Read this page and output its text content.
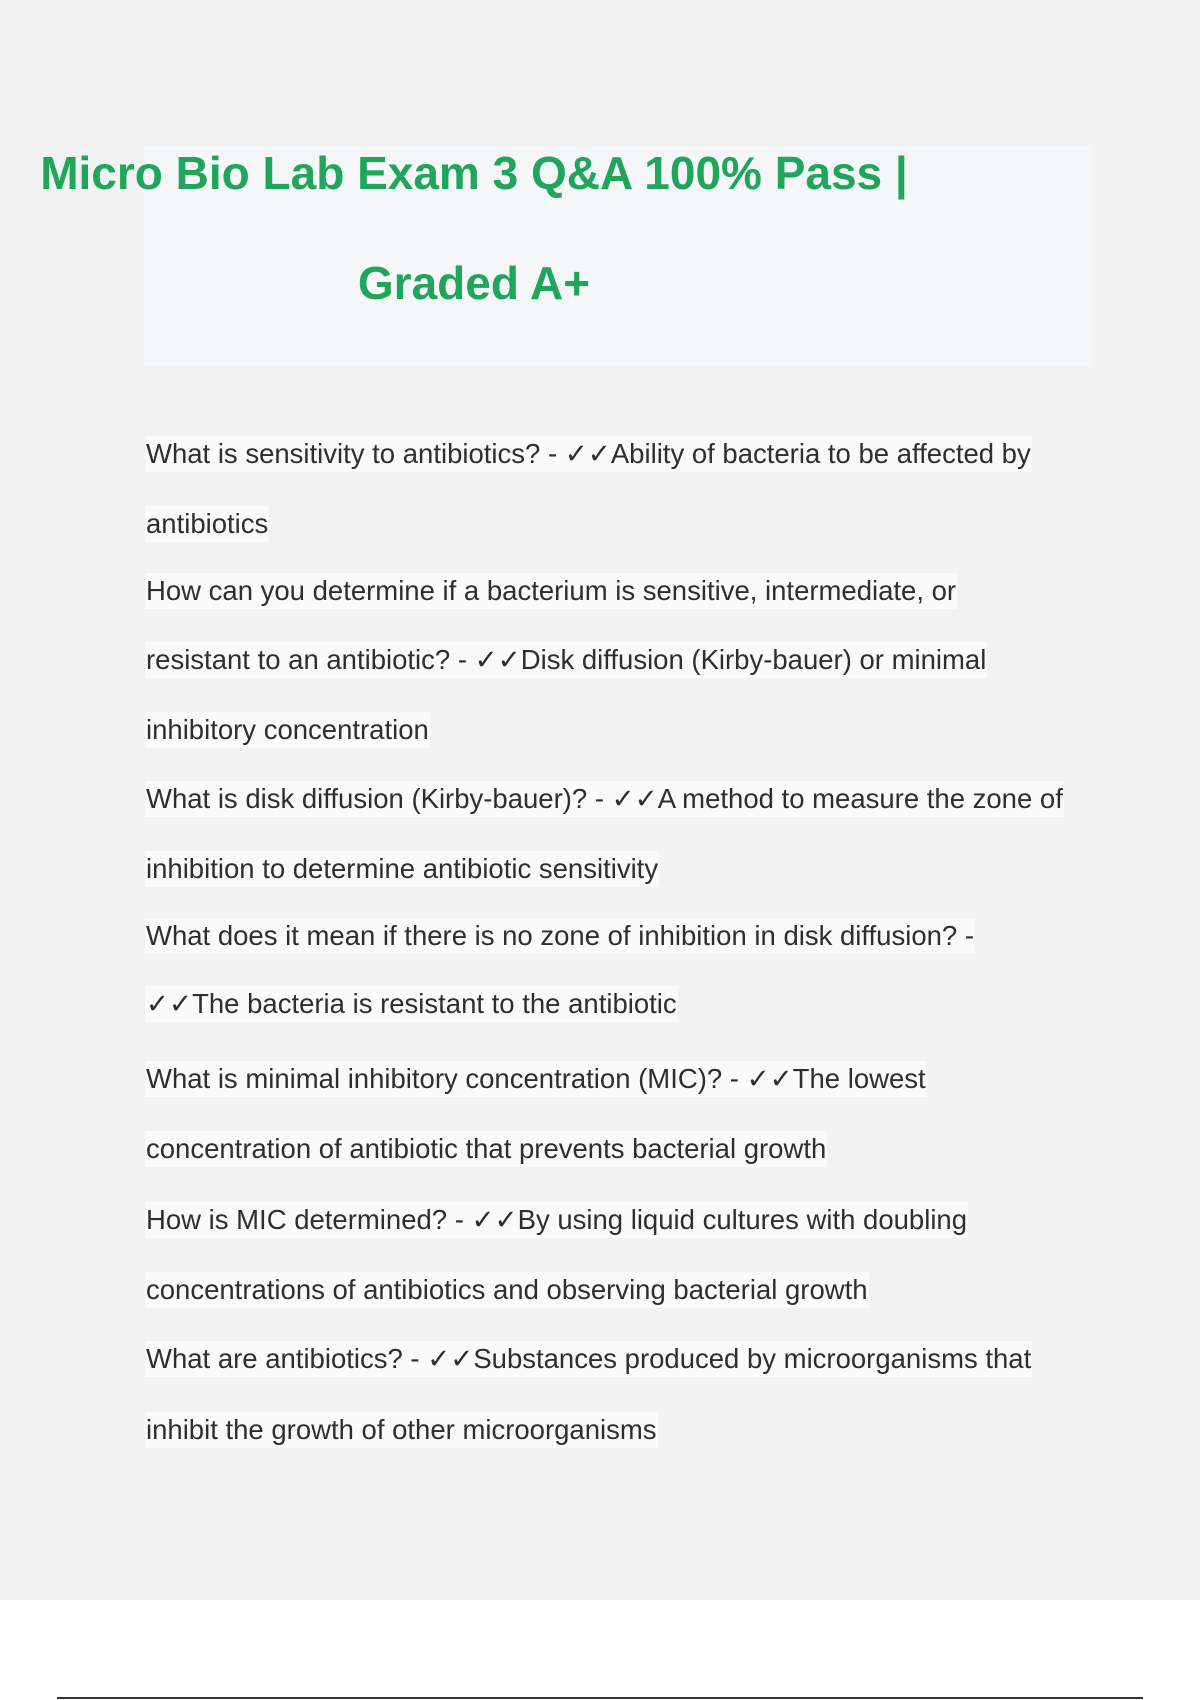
Micro Bio Lab Exam 3 Q&A 100% Pass |
Graded A+
What is sensitivity to antibiotics? - ✓✓Ability of bacteria to be affected by
antibiotics
How can you determine if a bacterium is sensitive, intermediate, or
resistant to an antibiotic? - ✓✓Disk diffusion (Kirby-bauer) or minimal
inhibitory concentration
What is disk diffusion (Kirby-bauer)? - ✓✓A method to measure the zone of
inhibition to determine antibiotic sensitivity
What does it mean if there is no zone of inhibition in disk diffusion? -
✓✓The bacteria is resistant to the antibiotic
What is minimal inhibitory concentration (MIC)? - ✓✓The lowest
concentration of antibiotic that prevents bacterial growth
How is MIC determined? - ✓✓By using liquid cultures with doubling
concentrations of antibiotics and observing bacterial growth
What are antibiotics? - ✓✓Substances produced by microorganisms that
inhibit the growth of other microorganisms
